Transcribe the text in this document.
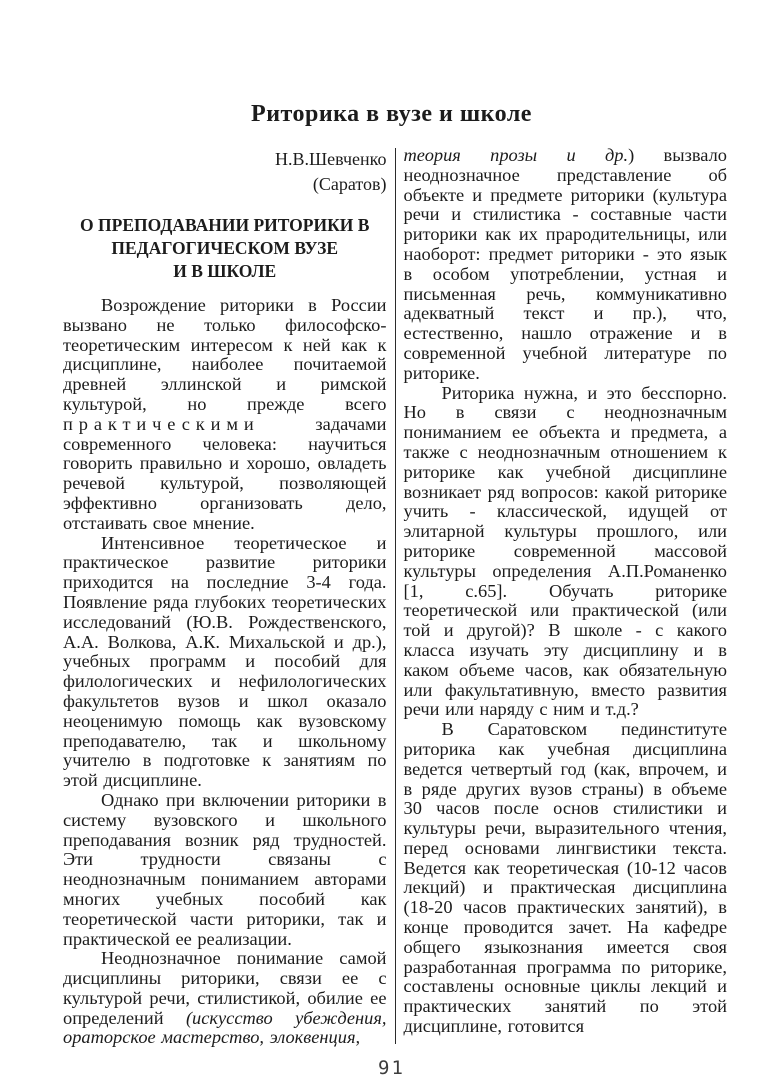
Риторика в вузе и школе
Н.В.Шевченко
(Саратов)
О ПРЕПОДАВАНИИ РИТОРИКИ В
ПЕДАГОГИЧЕСКОМ ВУЗЕ
И В ШКОЛЕ

Возрождение риторики в России вызвано не только философско-теоретическим интересом к ней как к дисциплине, наиболее почитаемой древней эллинской и римской культурой, но прежде всего практическими задачами современного человека: научиться говорить правильно и хорошо, овладеть речевой культурой, позволяющей эффективно организовать дело, отстаивать свое мнение.

Интенсивное теоретическое и практическое развитие риторики приходится на последние 3-4 года. Появление ряда глубоких теоретических исследований (Ю.В. Рождественского, А.А. Волкова, А.К. Михальской и др.), учебных программ и пособий для филологических и нефилологических факультетов вузов и школ оказало неоценимую помощь как вузовскому преподавателю, так и школьному учителю в подготовке к занятиям по этой дисциплине.

Однако при включении риторики в систему вузовского и школьного преподавания возник ряд трудностей. Эти трудности связаны с неоднозначным пониманием авторами многих учебных пособий как теоретической части риторики, так и практической ее реализации.

Неоднозначное понимание самой дисциплины риторики, связи ее с культурой речи, стилистикой, обилие ее определений (искусство убеждения, ораторское мастерство, элоквенция,

теория прозы и др.) вызвало неоднозначное представление об объекте и предмете риторики (культура речи и стилистика - составные части риторики как их прародительницы, или наоборот: предмет риторики - это язык в особом употреблении, устная и письменная речь, коммуникативно адекватный текст и пр.), что, естественно, нашло отражение и в современной учебной литературе по риторике.

Риторика нужна, и это бесспорно. Но в связи с неоднозначным пониманием ее объекта и предмета, а также с неоднозначным отношением к риторике как учебной дисциплине возникает ряд вопросов: какой риторике учить - классической, идущей от элитарной культуры прошлого, или риторике современной массовой культуры определения А.П.Романенко [1, с.65]. Обучать риторике теоретической или практической (или той и другой)? В школе - с какого класса изучать эту дисциплину и в каком объеме часов, как обязательную или факультативную, вместо развития речи или наряду с ним и т.д.?

В Саратовском пединституте риторика как учебная дисциплина ведется четвертый год (как, впрочем, и в ряде других вузов страны) в объеме 30 часов после основ стилистики и культуры речи, выразительного чтения, перед основами лингвистики текста. Ведется как теоретическая (10-12 часов лекций) и практическая дисциплина (18-20 часов практических занятий), в конце проводится зачет. На кафедре общего языкознания имеется своя разработанная программа по риторике, составлены основные циклы лекций и практических занятий по этой дисциплине, готовится

91
